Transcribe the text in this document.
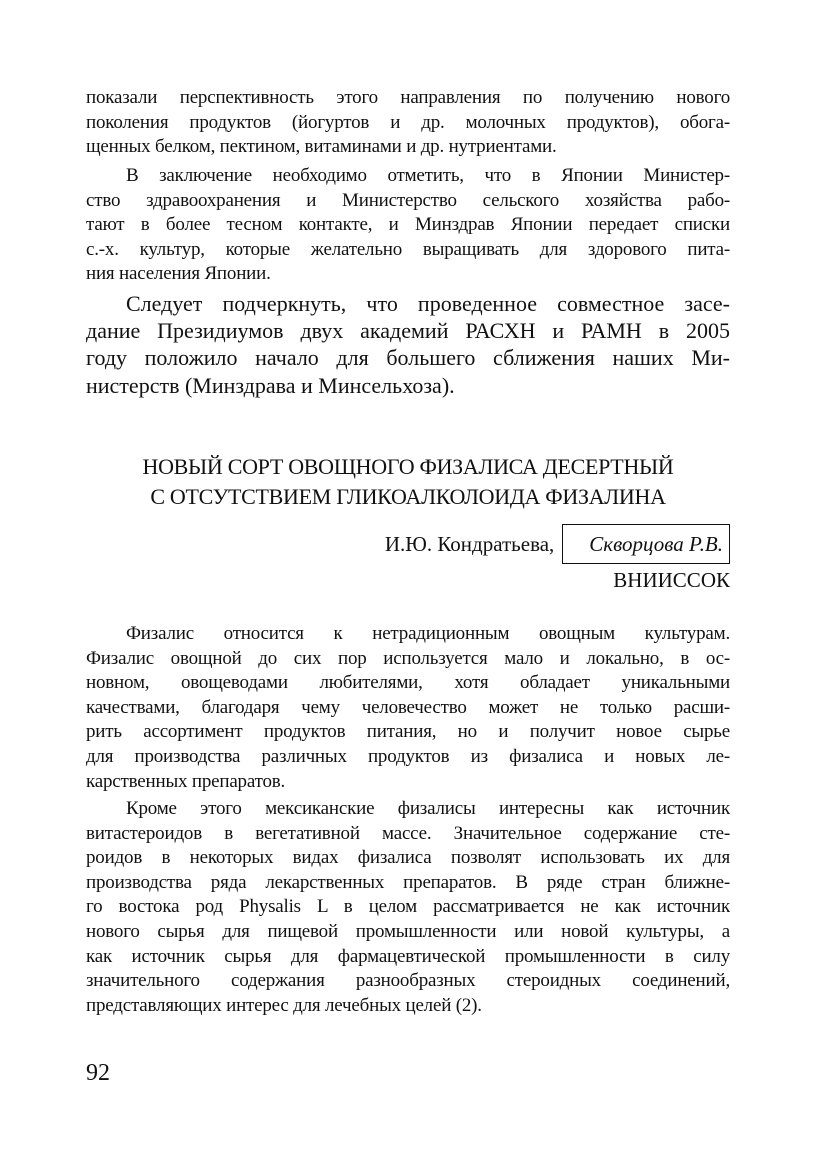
показали перспективность этого направления по получению нового
поколения продуктов (йогуртов и др. молочных продуктов), обога-
щенных белком, пектином, витаминами и др. нутриентами.
В заключение необходимо отметить, что в Японии Министер-
ство здравоохранения и Министерство сельского хозяйства рабо-
тают в более тесном контакте, и Минздрав Японии передает списки
с.-х. культур, которые желательно выращивать для здорового пита-
ния населения Японии.
Следует подчеркнуть, что проведенное совместное засе-
дание Президиумов двух академий РАСХН и РАМН в 2005
году положило начало для большего сближения наших Ми-
нистерств (Минздрава и Минсельхоза).
НОВЫЙ СОРТ ОВОЩНОГО ФИЗАЛИСА ДЕСЕРТНЫЙ
С ОТСУТСТВИЕМ ГЛИКОАЛКОЛОИДА ФИЗАЛИНА
И.Ю. Кондратьева,	Скворцова Р.В.
ВНИИССОК
Физалис относится к нетрадиционным овощным культурам.
Физалис овощной до сих пор используется мало и локально, в ос-
новном, овощеводами любителями, хотя обладает уникальными
качествами, благодаря чему человечество может не только расши-
рить ассортимент продуктов питания, но и получит новое сырье
для производства различных продуктов из физалиса и новых ле-
карственных препаратов.
Кроме этого мексиканские физалисы интересны как источник
витастероидов в вегетативной массе. Значительное содержание сте-
роидов в некоторых видах физалиса позволят использовать их для
производства ряда лекарственных препаратов. В ряде стран ближне-
го востока род Physalis L в целом рассматривается не как источник
нового сырья для пищевой промышленности или новой культуры, а
как источник сырья для фармацевтической промышленности в силу
значительного содержания разнообразных стероидных соединений,
представляющих интерес для лечебных целей (2).
92
